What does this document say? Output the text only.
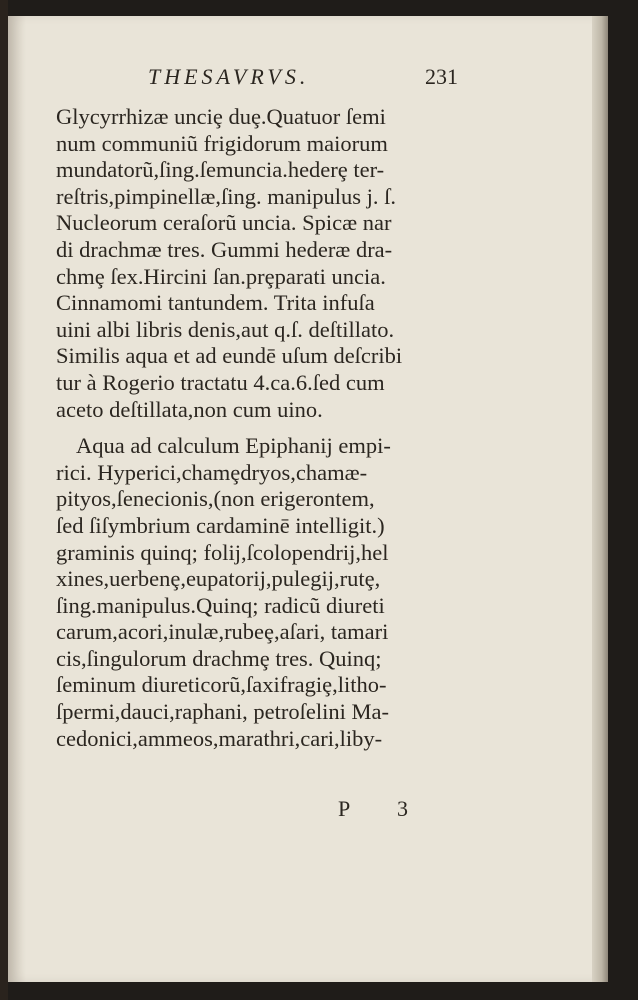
THESAVRVS.	231
Glycyrrhizæ unciȩ duȩ.Quatuor ſemi
num communiũ frigidorum maiorum
mundatorũ,ſing.ſemuncia.hederȩ ter-
reſtris,pimpinellæ,ſing. manipulus j. ſ.
Nucleorum ceraſorũ uncia. Spicæ nar
di drachmæ tres. Gummi hederæ dra-
chmȩ ſex.Hircini ſan.prȩparati uncia.
Cinnamomi tantundem. Trita infuſa
uini albi libris denis,aut q.ſ. deſtillato.
Similis aqua et ad eundē uſum deſcribi
tur à Rogerio tractatu 4.ca.6.ſed cum
aceto deſtillata,non cum uino.
Aqua ad calculum Epiphanij empi-
rici. Hyperici,chamȩdryos,chamæ-
pityos,ſenecionis,(non erigerontem,
ſed ſiſymbrium cardaminē intelligit.)
graminis quinq; folij,ſcolopendrij,hel
xines,uerbenȩ,eupatorij,pulegij,rutȩ,
ſing.manipulus.Quinq; radicũ diureti
carum,acori,inulæ,rubeȩ,aſari, tamari
cis,ſingulorum drachmȩ tres. Quinq;
ſeminum diureticorũ,ſaxifragiȩ,litho-
ſpermi,dauci,raphani, petroſelini Ma-
cedonici,ammeos,marathri,cari,liby-
P 3
